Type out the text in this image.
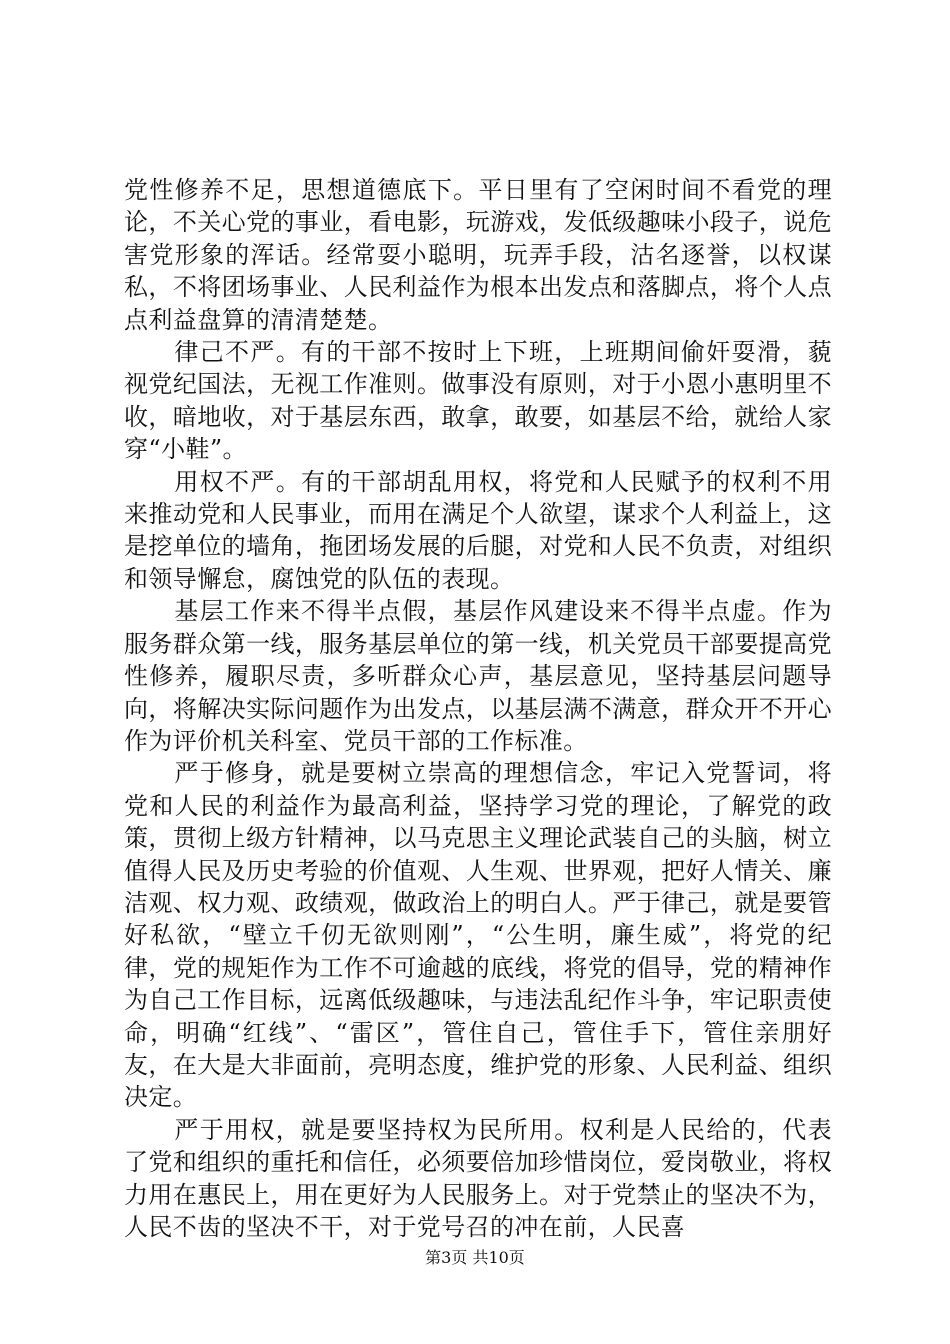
党性修养不足，思想道德底下。平日里有了空闲时间不看党的理论，不关心党的事业，看电影，玩游戏，发低级趣味小段子，说危害党形象的浑话。经常耍小聪明，玩弄手段，沽名逐誉，以权谋私，不将团场事业、人民利益作为根本出发点和落脚点，将个人点点利益盘算的清清楚楚。

律己不严。有的干部不按时上下班，上班期间偷奸耍滑，藐视党纪国法，无视工作准则。做事没有原则，对于小恩小惠明里不收，暗地收，对于基层东西，敢拿，敢要，如基层不给，就给人家穿“小鞋”。

用权不严。有的干部胡乱用权，将党和人民赋予的权利不用来推动党和人民事业，而用在满足个人欲望，谋求个人利益上，这是挖单位的墙角，拖团场发展的后腿，对党和人民不负责，对组织和领导懈怠，腐蚀党的队伍的表现。

基层工作来不得半点假，基层作风建设来不得半点虚。作为服务群众第一线，服务基层单位的第一线，机关党员干部要提高党性修养，履职尽责，多听群众心声，基层意见，坚持基层问题导向，将解决实际问题作为出发点，以基层满不满意，群众开不开心作为评价机关科室、党员干部的工作标准。

严于修身，就是要树立崇高的理想信念，牢记入党誓词，将党和人民的利益作为最高利益，坚持学习党的理论，了解党的政策，贯彻上级方针精神，以马克思主义理论武装自己的头脑，树立值得人民及历史考验的价值观、人生观、世界观，把好人情关、廉洁观、权力观、政绩观，做政治上的明白人。严于律己，就是要管好私欲，“壁立千仞无欲则刚”，“公生明，廉生威”，将党的纪律，党的规矩作为工作不可逾越的底线，将党的倡导，党的精神作为自己工作目标，远离低级趣味，与违法乱纪作斗争，牢记职责使命，明确“红线”、“雷区”，管住自己，管住手下，管住亲朋好友，在大是大非面前，亮明态度，维护党的形象、人民利益、组织决定。

严于用权，就是要坚持权为民所用。权利是人民给的，代表了党和组织的重托和信任，必须要倍加珍惜岗位，爱岗敬业，将权力用在惠民上，用在更好为人民服务上。对于党禁止的坚决不为，人民不齿的坚决不干，对于党号召的冲在前，人民喜

第3页 共10页
